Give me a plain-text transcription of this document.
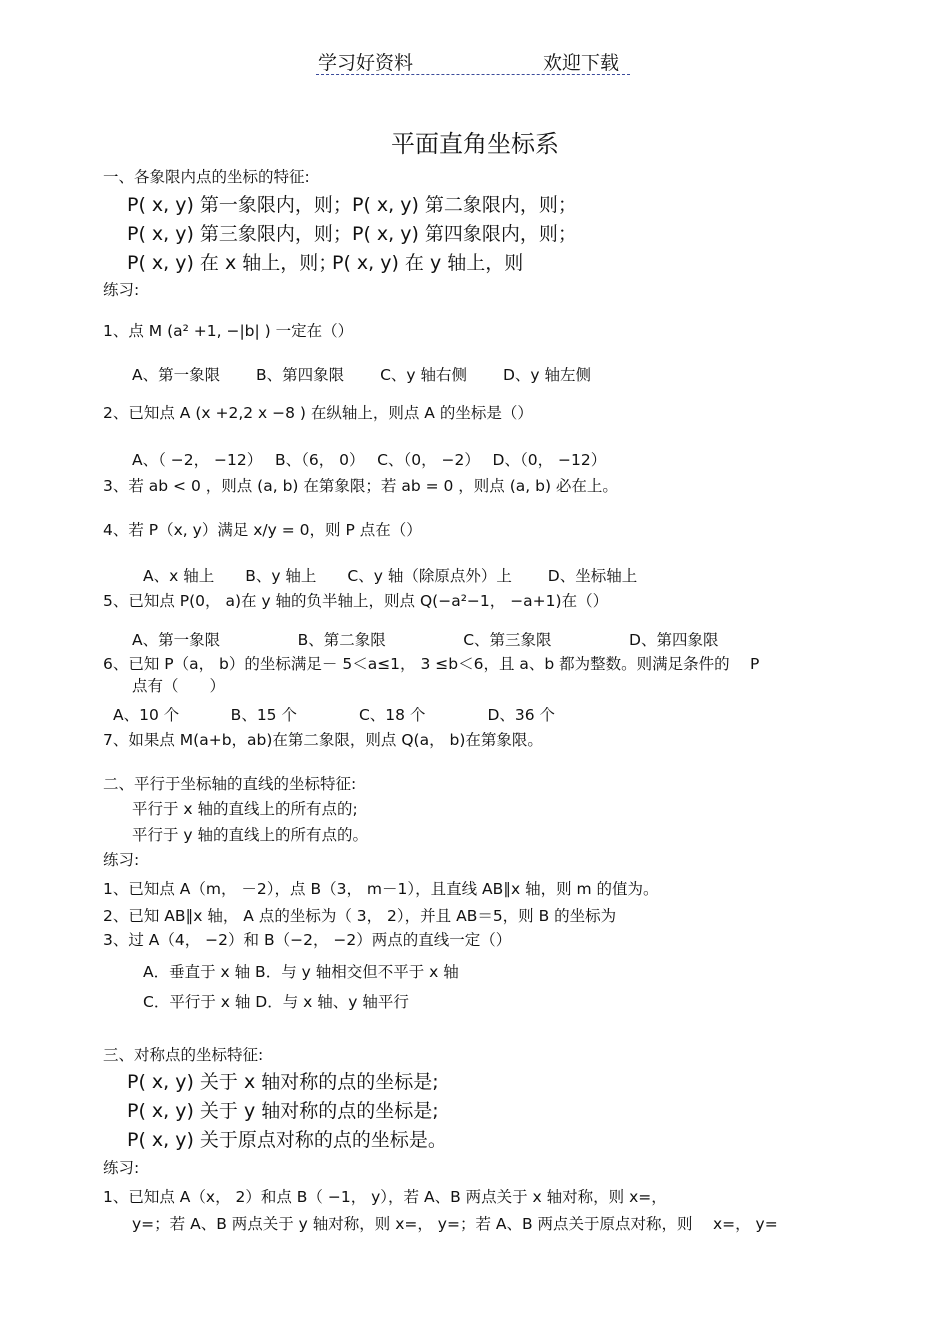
学习好资料	欢迎下载
平面直角坐标系
一、各象限内点的坐标的特征:
P( x, y) 第一象限内，则； P( x, y) 第二象限内，则；
P( x, y) 第三象限内，则； P( x, y) 第四象限内，则；
P( x, y) 在 x 轴上，则；
P( x, y) 在 y 轴上，则
练习:
1、点 M (a² +1, −|b| ) 一定在（）
A、第一象限　　 B、第四象限　　 C、y 轴右侧　　 D、y 轴左侧
2、已知点 A (x +2,2 x −8 ) 在纵轴上，则点 A 的坐标是（）
A、（ −2， −12）　 B、（6， 0）　 C、（0， −2）　 D、（0， −12）
3、若 ab < 0 ，则点 (a, b) 在第象限；若 ab = 0 ，则点 (a, b) 必在上。
4、若 P（x, y）满足 x/y = 0，则 P 点在（）
A、x 轴上　　B、y 轴上　　C、y 轴（除原点外）上　　 D、坐标轴上
5、已知点 P(0， a)在 y 轴的负半轴上，则点 Q(−a²−1， −a+1)在（）
A、第一象限　　　　　B、第二象限　　　　　C、第三象限　　　　　D、第四象限
6、已知 P（a， b）的坐标满足－ 5＜a≤1， 3 ≤b＜6，且 a、b 都为整数。则满足条件的　 P
点有（　　）
A、10 个　　　 B、15 个　　　　C、18 个　　　　D、36 个
7、如果点 M(a+b，ab)在第二象限，则点 Q(a， b)在第象限。
二、平行于坐标轴的直线的坐标特征:
平行于 x 轴的直线上的所有点的;
平行于 y 轴的直线上的所有点的。
练习:
1、已知点 A（m， －2），点 B（3， m－1），且直线 AB∥x 轴，则 m 的值为。
2、已知 AB∥x 轴， A 点的坐标为（ 3， 2），并且 AB＝5，则 B 的坐标为
3、过 A（4， −2）和 B（−2， −2）两点的直线一定（）
A．垂直于 x 轴 B．与 y 轴相交但不平于 x 轴
C．平行于 x 轴 D．与 x 轴、y 轴平行
三、对称点的坐标特征:
P( x, y) 关于 x 轴对称的点的坐标是;
P( x, y) 关于 y 轴对称的点的坐标是;
P( x, y) 关于原点对称的点的坐标是。
练习:
1、已知点 A（x， 2）和点 B（ −1， y），若 A、B 两点关于 x 轴对称，则 x=，
y=；若 A、B 两点关于 y 轴对称，则 x=， y=；若 A、B 两点关于原点对称，则　 x=， y=
